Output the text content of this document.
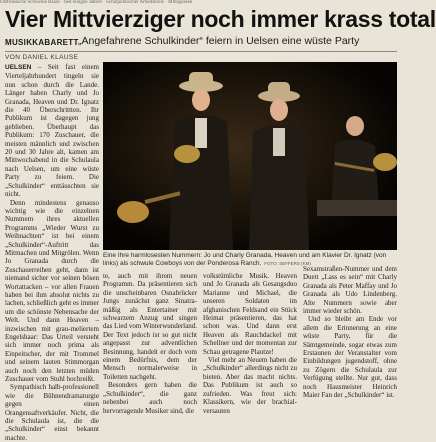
Ostfriesische Schweine Rasse · Seit einigen Jahren · Schulpolitischer Arbeitskreis · Mittagessen
Vier Mittvierziger noch immer krass total
MUSIKKABARETT „Angefahrene Schulkinder“ feiern in Uelsen eine wüste Party
VON DANIEL KLAUSE

UELSEN – Seit fast einem Vierteljahrhundert tingeln sie nun schon durch die Lande. Länger haben Charly und Jo Granada, Heaven und Dr. Ignatz die 40 Überschrittten. Ihr Publikum ist dagegen jung geblieben. Überhaupt das Publikum: 170 Zuschauer, die meisten männlich und zwischen 20 und 30 Jahre alt, kamen am Mittwochabend in die Schulaula nach Uelsen, um eine wüste Party zu feiern. Die „Schulkinder“ enttäuschten sie nicht.

Denn mindestens genauso wichtig wie die einzelnen Nummern ihres aktuellen Programms „Wieder Wurst zu Weihnachten“ ist bei einem „Schulkinder“-Auftritt das Mitmachen und Mitgrölen. Wenn Jo Granada durch die Zuschauerreihen geht, dann ist niemand sicher vor seinen bösen Wortattacken – vor allen Frauen haben bei ihm absolut nichts zu lachen, schließlich geht es immer um die schönste Nebensache der Welt. Und dann Heaven – inzwischen mit grau-meliertem Engelshaar: Das Urteil versteht sich immer noch prima als Einpeitscher, der mit Trommel und seinem lauten Stimmorgan auch noch den letzten müden Zuschauer vom Stuhl hochreißt.

Sympathisch halb-professionell wie die Bühnendramaturgie gegen einen Orangensaftverkäufer. Nicht, die die Schulaula ist, die die „Schulkinder“ einst bekannt machte.

Eine Ihre harmlosesten Nummern: Jo und Charly Granada, Heaven und am Klavier Dr. Ignatz (von links) als schwule Cowboys von der Ponderosa Ranch. FOTO: SEFFERS (KM)

te, auch mit ihrem neuen Programm. Da präsentieren sich die unscheinbaren Osnabrücker Jungs zunächst ganz Sinatra-mäßig als Entertainer mit schwarzem Anzug und singen das Lied vom Winterwunderland. Der Text jedoch ist so gut nicht angepasst zur adventlichen Besinnung, handelt er doch vom einem Bedürfnis, dem der Mensch normalerweise in Toiletten nachgeht.

Besonders gern haben die „Schulkinder“, die ganz nebenbei auch noch hervorragende Musiker sind, die

volkstümliche Musik. Heaven und Jo Granada als Gesangsduo Marianne und Michael, die unseren Soldaten im afghanischen Feldsand ein Stück Heimat präsentieren, das hat schon was. Und dann erst Heaven als Rauchdackel mit Schellner und der momentan zur Schau getragene Plautze!

Viel mehr an Neuem haben die „Schulkinder“ allerdings nicht zu bieten. Aber das macht nichts. Das Publikum ist auch so zufrieden. Was freut sich: Klassikern, wie der brachial-versauten

Sexamstraßen-Nummer und dem Duett „Lass es sein“ mit Charly Granada als Peter Maffay und Jo Granada als Udo Lindenberg. Alte Nummern sowie aber immer wieder schön.

Und so bleibt am Ende vor allem die Erinnerung an eine wüste Party, für die Sämtgemeinde, sogar etwas zum Erstaunen der Veranstalter vom Einbildungen jugendstoff, ohne zu Zögern die Schulaula zur Verfügung stellte. Nur gut, dass noch Hausmeister Heinrich Maier Fan der „Schulkinder“ ist.
